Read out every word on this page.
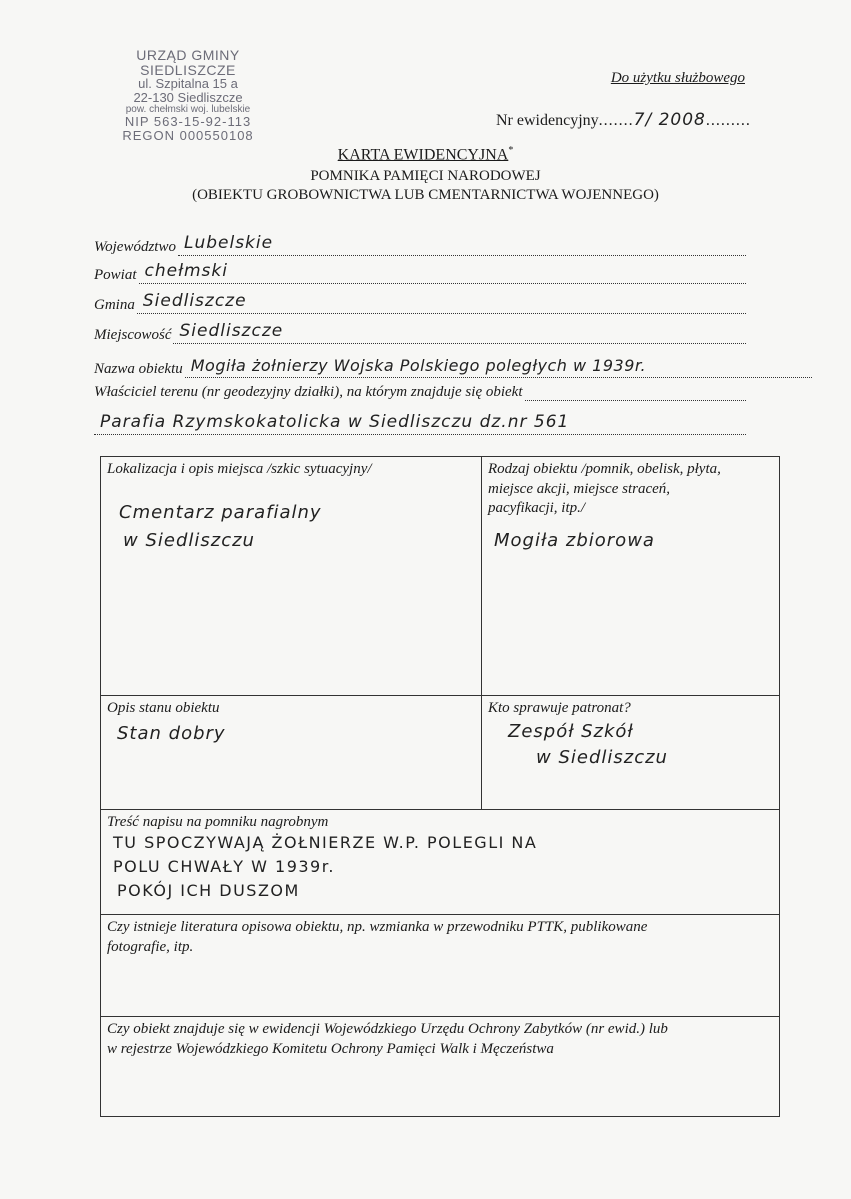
URZĄD GMINY SIEDLISZCZE
ul. Szpitalna 15 a
22-130 Siedliszcze
pow. chełmski woj. lubelskie
NIP 563-15-92-113
REGON 000550108
Do użytku służbowego
Nr ewidencyjny.......7/ 2008.........
KARTA EWIDENCYJNA*
POMNIKA PAMIĘCI NARODOWEJ
(OBIEKTU GROBOWNICTWA LUB CMENTARNICTWA WOJENNEGO)
Województwo Lubelskie
Powiat chełmski
Gmina Siedliszcze
Miejscowość Siedliszcze
Nazwa obiektu Mogiła żołnierzy Wojska Polskiego poległych w 1939r.
Właściciel terenu (nr geodezyjny działki), na którym znajduje się obiekt
Parafia Rzymskokatolicka w Siedliszczu dz.nr 561
Lokalizacja i opis miejsca /szkic sytuacyjny/
Cmentarz parafialny
w Siedliszczu
Rodzaj obiektu /pomnik, obelisk, płyta,
miejsce akcji, miejsce straceń,
pacyfikacji, itp./
Mogiła zbiorowa
Opis stanu obiektu
Stan dobry
Kto sprawuje patronat?
Zespół Szkół
w Siedliszczu
Treść napisu na pomniku nagrobnym
TU SPOCZYWAJĄ ŻOŁNIERZE W.P. POLEGLI NA
POLU CHWAŁY W 1939r.
POKÓJ ICH DUSZOM
Czy istnieje literatura opisowa obiektu, np. wzmianka w przewodniku PTTK, publikowane
fotografie, itp.
Czy obiekt znajduje się w ewidencji Wojewódzkiego Urzędu Ochrony Zabytków (nr ewid.) lub
w rejestrze Wojewódzkiego Komitetu Ochrony Pamięci Walk i Męczeństwa
